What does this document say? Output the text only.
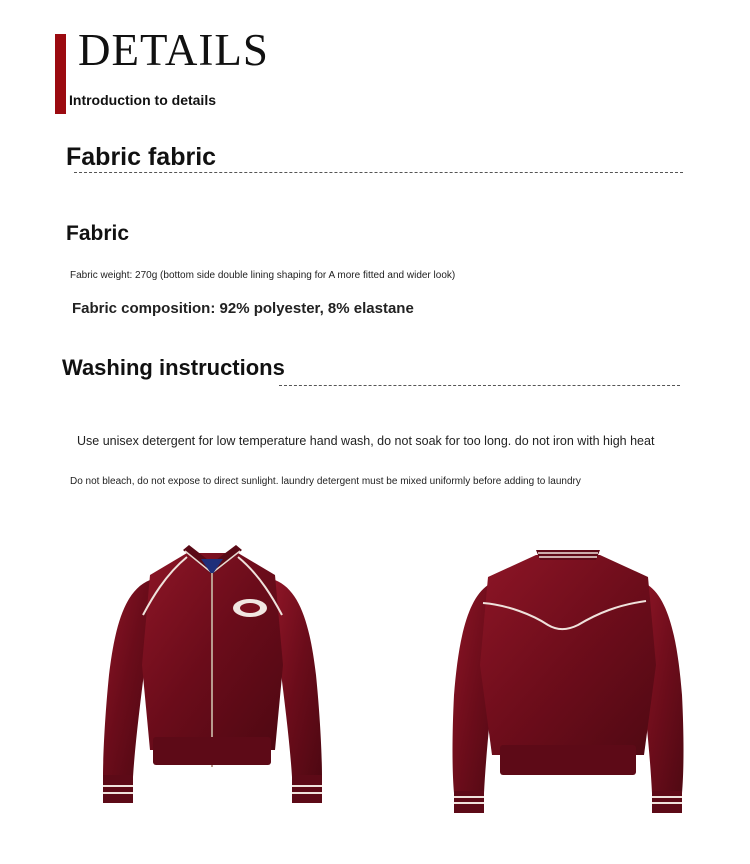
DETAILS
Introduction to details
Fabric fabric
Fabric
Fabric weight: 270g (bottom side double lining shaping for A more fitted and wider look)
Fabric composition: 92% polyester, 8% elastane
Washing instructions
Use unisex detergent for low temperature hand wash, do not soak for too long. do not iron with high heat
Do not bleach, do not expose to direct sunlight. laundry detergent must be mixed uniformly before adding to laundry
